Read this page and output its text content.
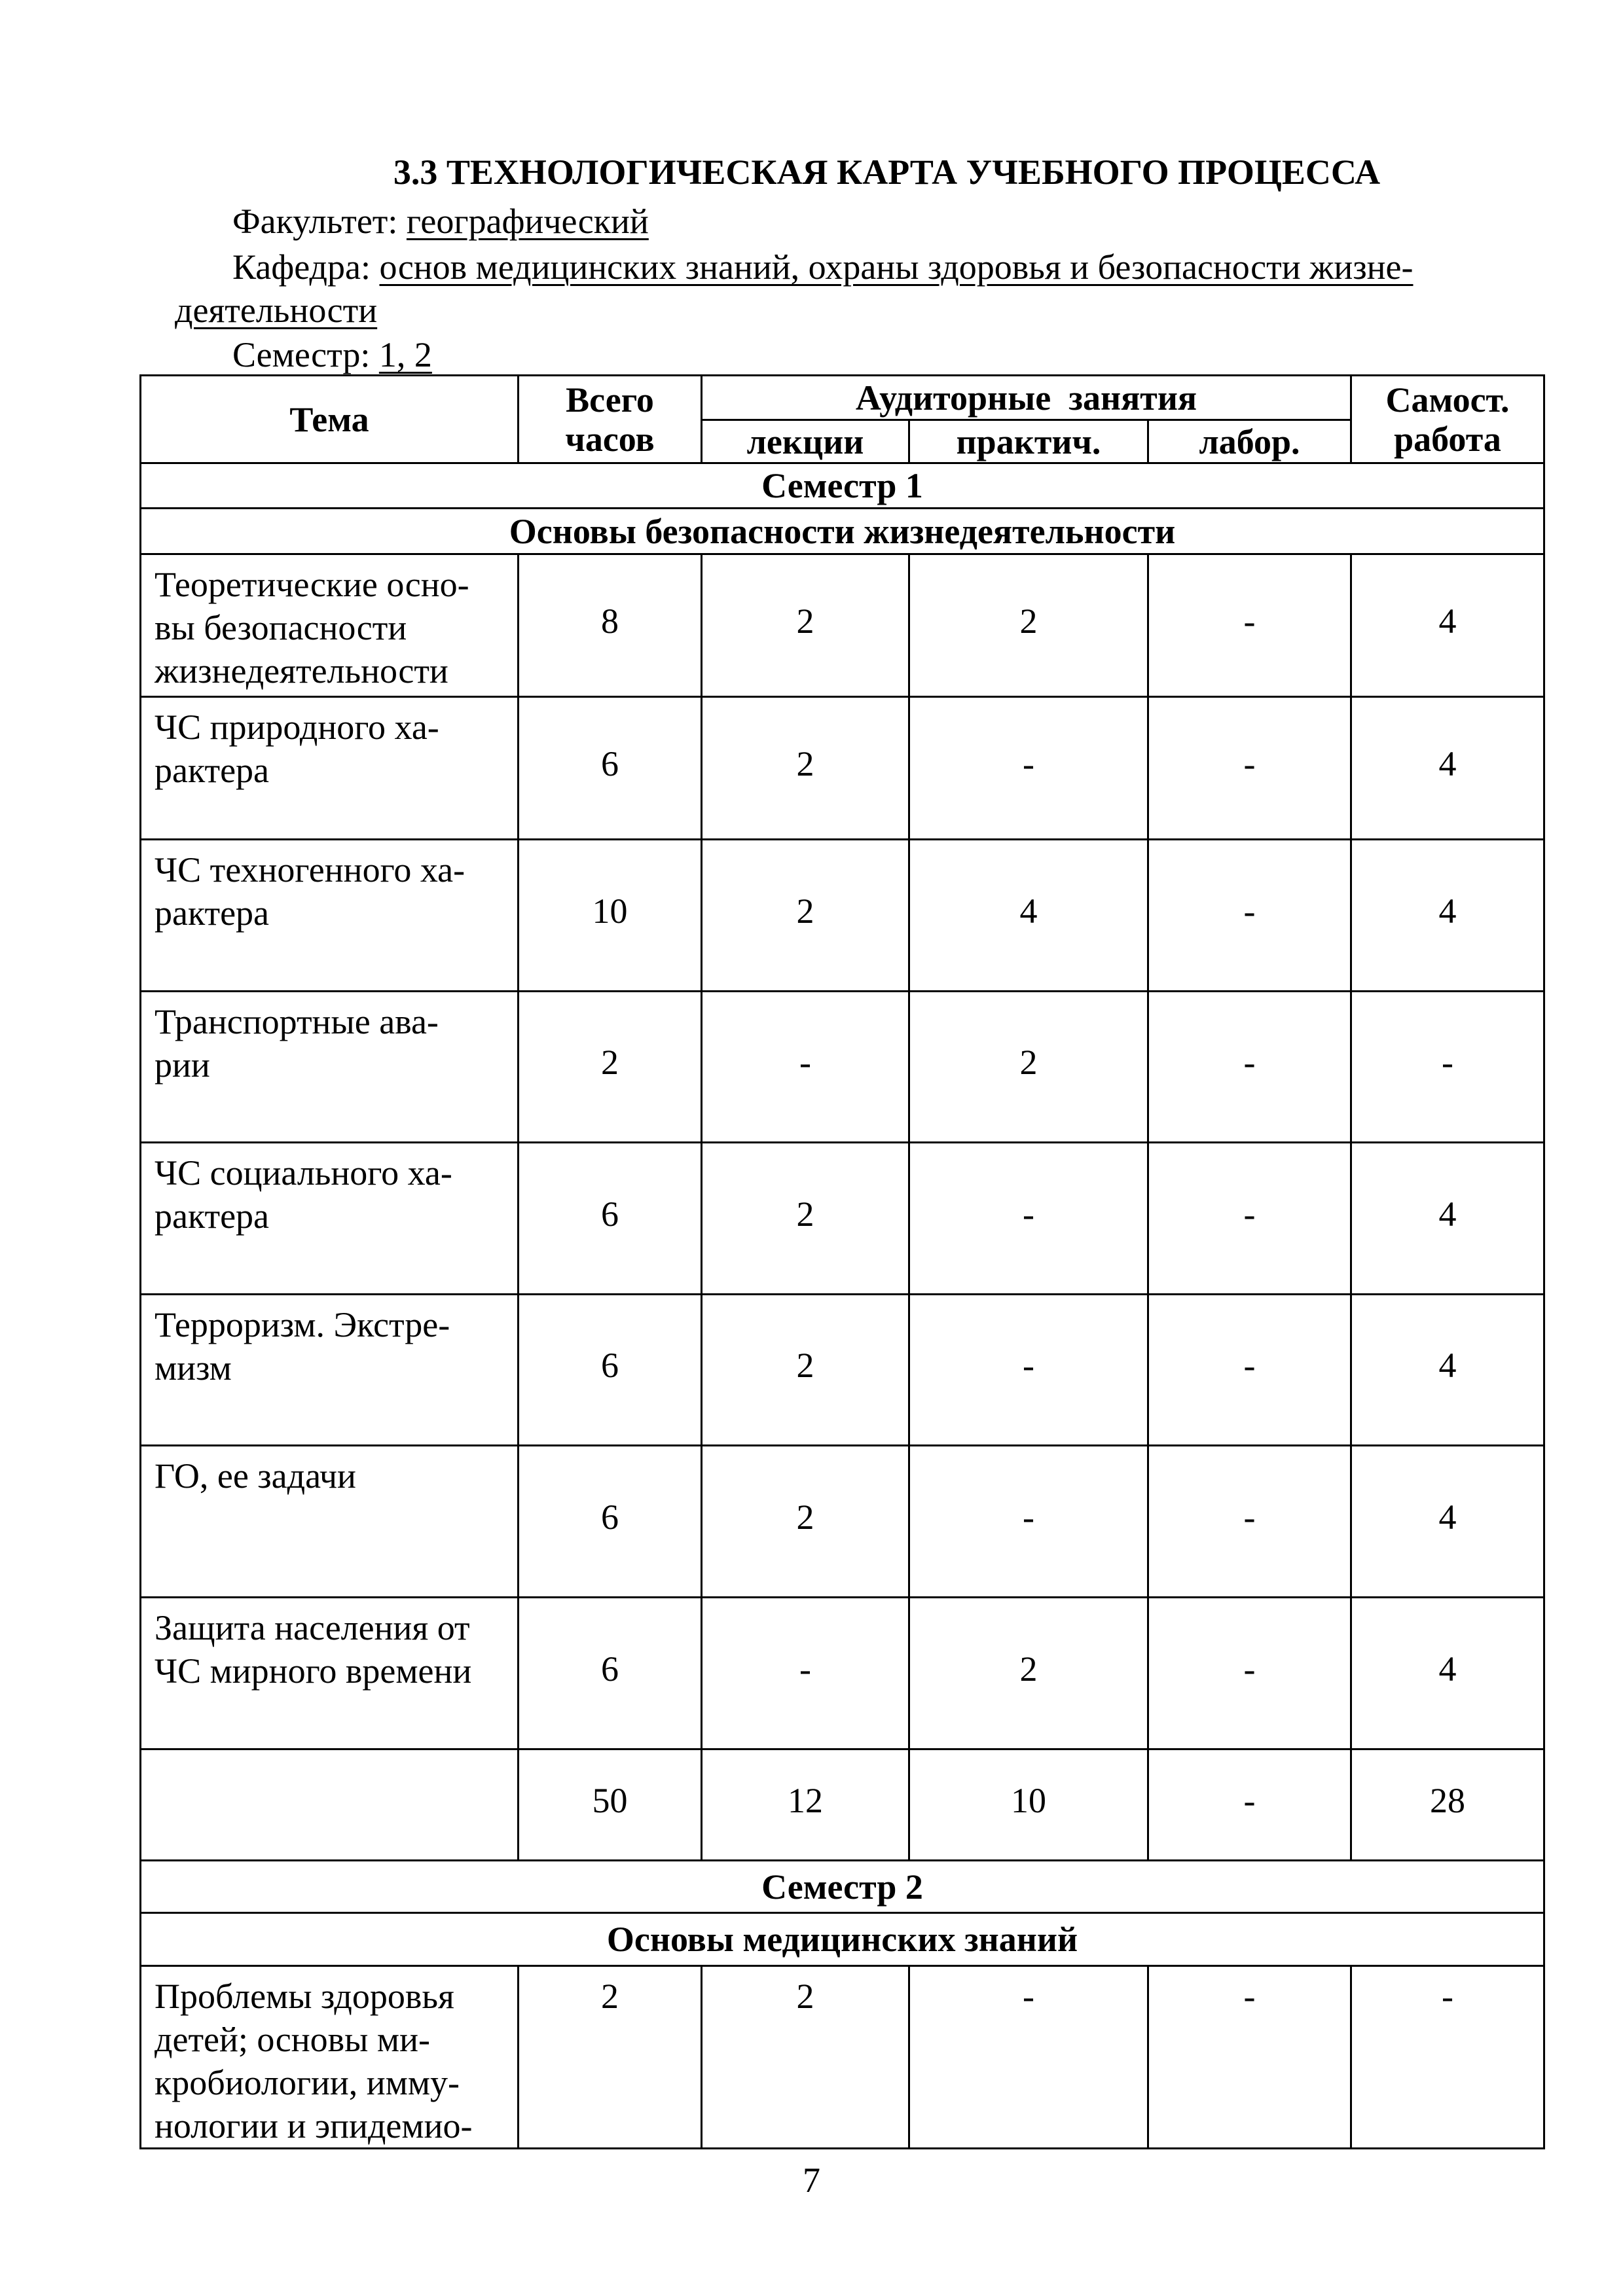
3.3 ТЕХНОЛОГИЧЕСКАЯ КАРТА УЧЕБНОГО ПРОЦЕССА
Факультет: географический
Кафедра: основ медицинских знаний, охраны здоровья и безопасности жизне-
деятельности
Семестр: 1, 2
Тема	Всего часов	Аудиторные  занятия			Самост. работа
		лекции	практич.	лабор.	
Семестр 1					
Основы безопасности жизнедеятельности					

Теоретические осно-
вы безопасности
жизнедеятельности	8	2	2	-	4

ЧС природного ха-
рактера	6	2	-	-	4

ЧС техногенного ха-
рактера	10	2	4	-	4

Транспортные ава-
рии	2	-	2	-	-

ЧС социального ха-
рактера	6	2	-	-	4

Терроризм. Экстре-
мизм	6	2	-	-	4

ГО, ее задачи	6	2	-	-	4

Защита населения от
ЧС мирного времени	6	-	2	-	4
	50	12	10	-	28
Семестр 2					
Основы медицинских знаний					

Проблемы здоровья
детей; основы ми-
кробиологии, имму-
нологии и эпидемио-	2	2	-	-	-
7
